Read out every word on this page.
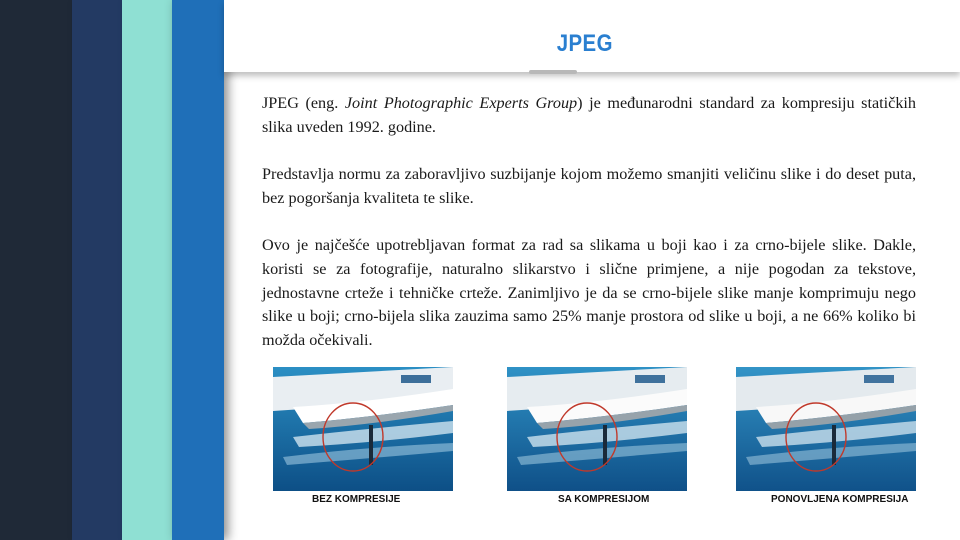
JPEG

JPEG (eng. Joint Photographic Experts Group) je međunarodni standard za kompresiju statičkih slika uveden 1992. godine.

Predstavlja normu za zaboravljivo suzbijanje kojom možemo smanjiti veličinu slike i do deset puta, bez pogoršanja kvaliteta te slike.

Ovo je najčešće upotrebljavan format za rad sa slikama u boji kao i za crno-bijele slike. Dakle, koristi se za fotografije, naturalno slikarstvo i slične primjene, a nije pogodan za tekstove, jednostavne crteže i tehničke crteže. Zanimljivo je da se crno-bijele slike manje komprimuju nego slike u boji; crno-bijela slika zauzima samo 25% manje prostora od slike u boji, a ne 66% koliko bi možda očekivali.

BEZ KOMPRESIJE	SA KOMPRESIJOM	PONOVLJENA KOMPRESIJA
